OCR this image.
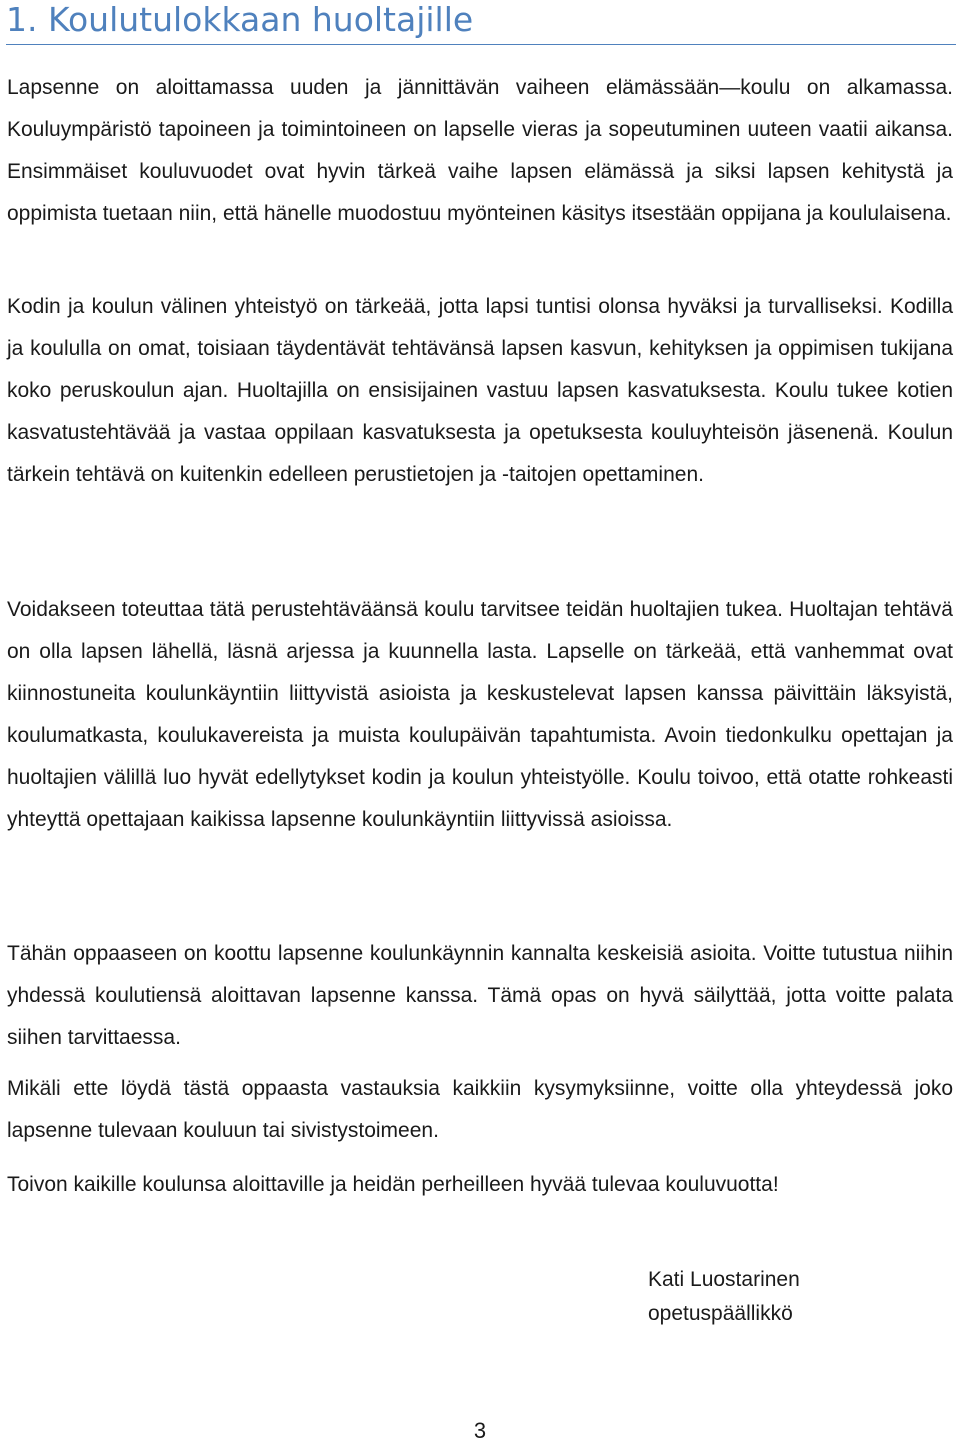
1. Koulutulokkaan huoltajille

Lapsenne on aloittamassa uuden ja jännittävän vaiheen elämässään—koulu on alkamassa. Kouluympäristö tapoineen ja toimintoineen on lapselle vieras ja sopeutuminen uuteen vaatii aikansa. Ensimmäiset kouluvuodet ovat hyvin tärkeä vaihe lapsen elämässä ja siksi lapsen kehitystä ja oppimista tuetaan niin, että hänelle muodostuu myönteinen käsitys itsestään oppijana ja koululaisena.

Kodin ja koulun välinen yhteistyö on tärkeää, jotta lapsi tuntisi olonsa hyväksi ja turvalliseksi. Kodilla ja koululla on omat, toisiaan täydentävät tehtävänsä lapsen kasvun, kehityksen ja oppimisen tukijana koko peruskoulun ajan. Huoltajilla on ensisijainen vastuu lapsen kasvatuksesta. Koulu tukee kotien kasvatustehtävää ja vastaa oppilaan kasvatuksesta ja opetuksesta kouluyhteisön jäsenenä. Koulun tärkein tehtävä on kuitenkin edelleen perustietojen ja -taitojen opettaminen.

Voidakseen toteuttaa tätä perustehtäväänsä koulu tarvitsee teidän huoltajien tukea. Huoltajan tehtävä on olla lapsen lähellä, läsnä arjessa ja kuunnella lasta. Lapselle on tärkeää, että vanhemmat ovat kiinnostuneita koulunkäyntiin liittyvistä asioista ja keskustelevat lapsen kanssa päivittäin läksyistä, koulumatkasta, koulukavereista ja muista koulupäivän tapahtumista. Avoin tiedonkulku opettajan ja huoltajien välillä luo hyvät edellytykset kodin ja koulun yhteistyölle. Koulu toivoo, että otatte rohkeasti yhteyttä opettajaan kaikissa lapsenne koulunkäyntiin liittyvissä asioissa.

Tähän oppaaseen on koottu lapsenne koulunkäynnin kannalta keskeisiä asioita. Voitte tutustua niihin yhdessä koulutiensä aloittavan lapsenne kanssa. Tämä opas on hyvä säilyttää, jotta voitte palata siihen tarvittaessa.

Mikäli ette löydä tästä oppaasta vastauksia kaikkiin kysymyksiinne, voitte olla yhteydessä joko lapsenne tulevaan kouluun tai sivistystoimeen.

Toivon kaikille koulunsa aloittaville ja heidän perheilleen hyvää tulevaa kouluvuotta!

Kati Luostarinen
opetuspäällikkö
3
